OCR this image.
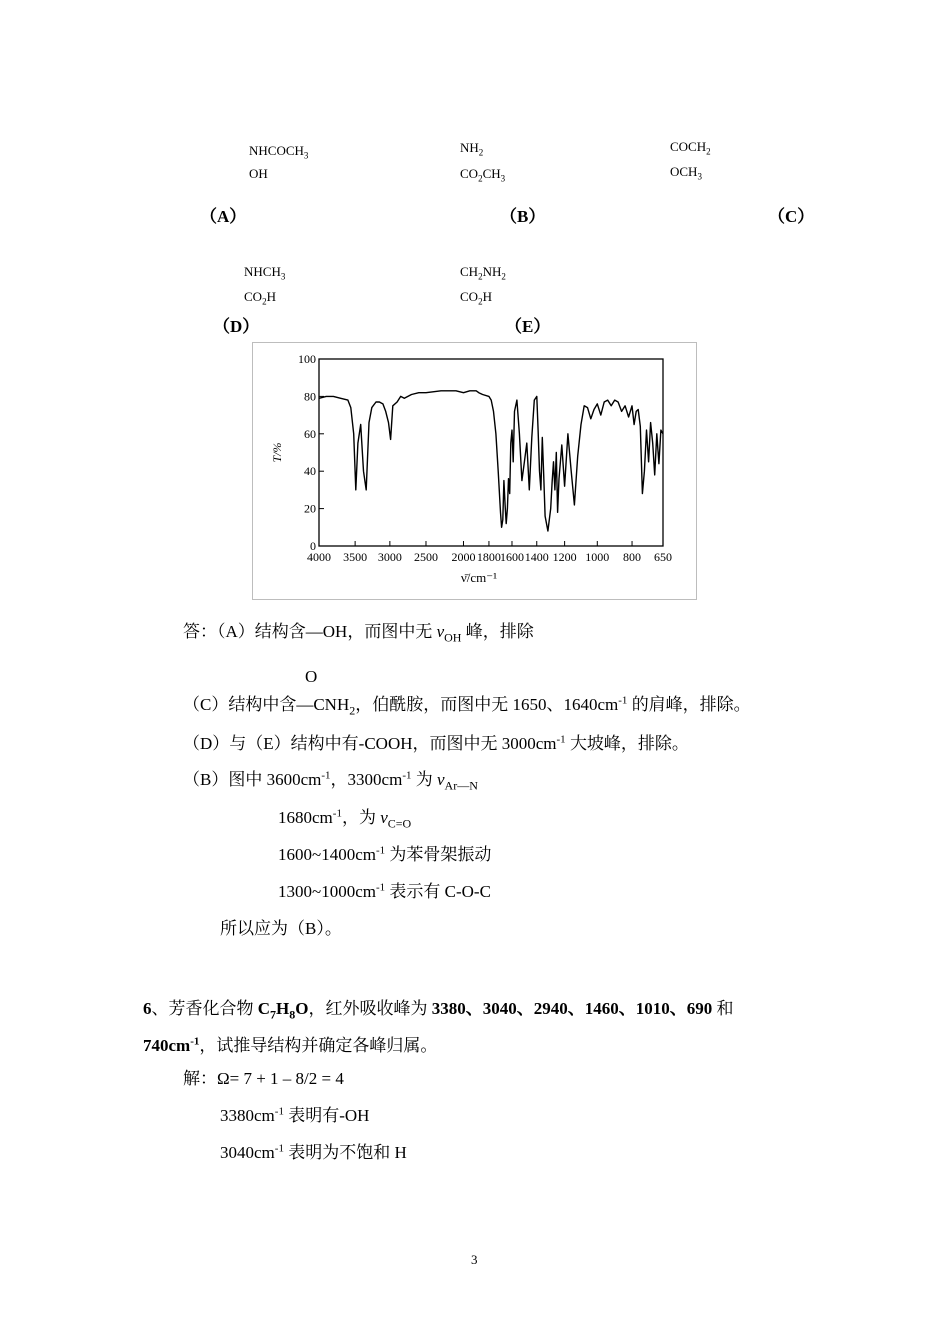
$NHCOCH_3$
OH
（A）
$NH_2$
$CO_2CH_3$
（B）
$COCH_2$
$OCH_3$
（C）
$NHCH_3$
$CO_2H$
（D）
$CH_2NH_2$
$CO_2H$
（E）
0
20
40
60
80
100
4000 3500 3000 2500 2000 1800 1600 1400 1200 1000 800 650
T/%
ν̄/cm⁻¹
答：（A）结构含—OH，而图中无 $v_{OH}$ 峰，排除
O
（C）结构中含$—CNH_2$，伯酰胺，而图中无 1650、$1640cm^{-1}$ 的肩峰，排除。
（D）与（E）结构中有-COOH，而图中无 $3000cm^{-1}$ 大坡峰，排除。
（B）图中 $3600cm^{-1}$，$3300cm^{-1}$ 为 $v_{Ar—N}$
$1680cm^{-1}$，为 $v_{C=O}$
$1600\sim 1400cm^{-1}$ 为苯骨架振动
$1300\sim 1000cm^{-1}$ 表示有 C-O-C
所以应为（B）。
6、芳香化合物 $C_7H_8O$，红外吸收峰为 3380、3040、2940、1460、1010、690 和
$740cm^{-1}$，试推导结构并确定各峰归属。
解：Ω= 7 + 1 – 8/2 = 4
$3380cm^{-1}$ 表明有-OH
$3040cm^{-1}$ 表明为不饱和 H
3
